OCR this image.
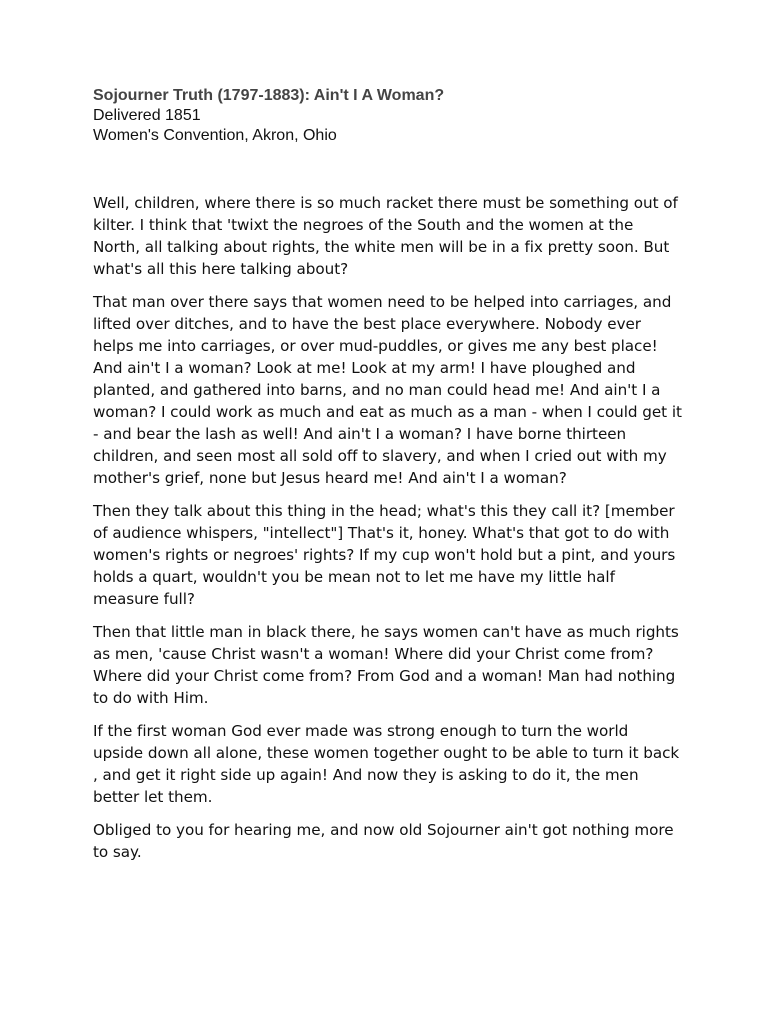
Sojourner Truth (1797-1883): Ain't I A Woman?
Delivered 1851
Women's Convention, Akron, Ohio

Well, children, where there is so much racket there must be something out of kilter. I think that 'twixt the negroes of the South and the women at the North, all talking about rights, the white men will be in a fix pretty soon. But what's all this here talking about?

That man over there says that women need to be helped into carriages, and lifted over ditches, and to have the best place everywhere. Nobody ever helps me into carriages, or over mud-puddles, or gives me any best place! And ain't I a woman? Look at me! Look at my arm! I have ploughed and planted, and gathered into barns, and no man could head me! And ain't I a woman? I could work as much and eat as much as a man - when I could get it - and bear the lash as well! And ain't I a woman? I have borne thirteen children, and seen most all sold off to slavery, and when I cried out with my mother's grief, none but Jesus heard me! And ain't I a woman?

Then they talk about this thing in the head; what's this they call it? [member of audience whispers, "intellect"] That's it, honey. What's that got to do with women's rights or negroes' rights? If my cup won't hold but a pint, and yours holds a quart, wouldn't you be mean not to let me have my little half measure full?

Then that little man in black there, he says women can't have as much rights as men, 'cause Christ wasn't a woman! Where did your Christ come from? Where did your Christ come from? From God and a woman! Man had nothing to do with Him.

If the first woman God ever made was strong enough to turn the world upside down all alone, these women together ought to be able to turn it back , and get it right side up again! And now they is asking to do it, the men better let them.

Obliged to you for hearing me, and now old Sojourner ain't got nothing more to say.
